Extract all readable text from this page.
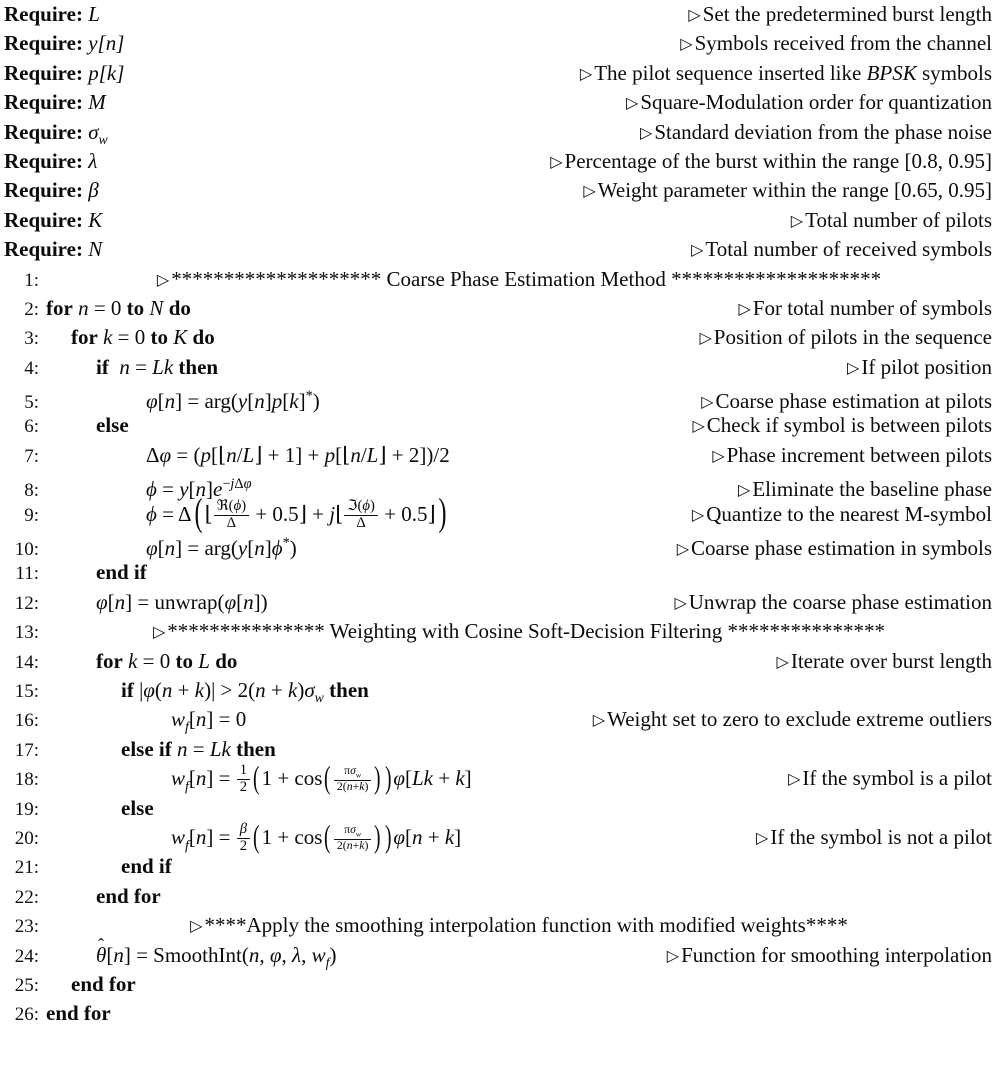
Require: L	▷Set the predetermined burst length
Require: y[n]	▷Symbols received from the channel
Require: p[k]	▷The pilot sequence inserted like BPSK symbols
Require: M	▷Square-Modulation order for quantization
Require: $\sigma_w$	▷Standard deviation from the phase noise
Require: λ	▷Percentage of the burst within the range [0.8, 0.95]
Require: β	▷Weight parameter within the range [0.65, 0.95]
Require: K	▷Total number of pilots
Require: N	▷Total number of received symbols
1:	▷******************** Coarse Phase Estimation Method ********************
2: for n = 0 to N do	▷For total number of symbols
3:	for k = 0 to K do	▷Position of pilots in the sequence
4:	if n = Lk then	▷If pilot position
5:	φ[n] = arg(y[n]p[k]*)	▷Coarse phase estimation at pilots
6:	else	▷Check if symbol is between pilots
7:	Δφ = (p[⌊n/L⌋ + 1] + p[⌊n/L⌋ + 2])/2	▷Phase increment between pilots
8:	$\phi = y[n]e^{-j\Delta\varphi}$	▷Eliminate the baseline phase
9:	ϕ = Δ( ⌊ $\frac{\text{ℜ(ϕ)}}{\Delta}$ + 0.5⌋ + j⌊ $\frac{\text{ℑ(ϕ)}}{\Delta}$ + 0.5⌋)	▷Quantize to the nearest M-symbol
10:	φ[n] = arg(y[n]ϕ*)	▷Coarse phase estimation in symbols
11:	end if
12:	φ[n] = unwrap(φ[n])	▷Unwrap the coarse phase estimation
13:	▷*************** Weighting with Cosine Soft-Decision Filtering ***************
14:	for k = 0 to L do	▷Iterate over burst length
15:	if $|\varphi(n + k)| > 2(n + k)\sigma_w$ then
16:	$w_f[n] = 0$	▷Weight set to zero to exclude extreme outliers
17:	else if n = Lk then
18:	$w_f[n] = \frac{1}{2} (1 + \cos( \frac{\pi\sigma_w}{2(n+k)}$ ) )φ[Lk + k]	▷If the symbol is a pilot
19:	else
20:	$w_f[n] = \frac{\beta}{2} (1 + \cos( \frac{\pi\sigma_w}{2(n+k)}$ ) )φ[n + k]	▷If the symbol is not a pilot
21:	end if
22:	end for
23:	▷****Apply the smoothing interpolation function with modified weights****
24:	θ[n] = SmoothInt(n, φ, λ, $w_f$)	▷Function for smoothing interpolation
25:	end for
26: end for
